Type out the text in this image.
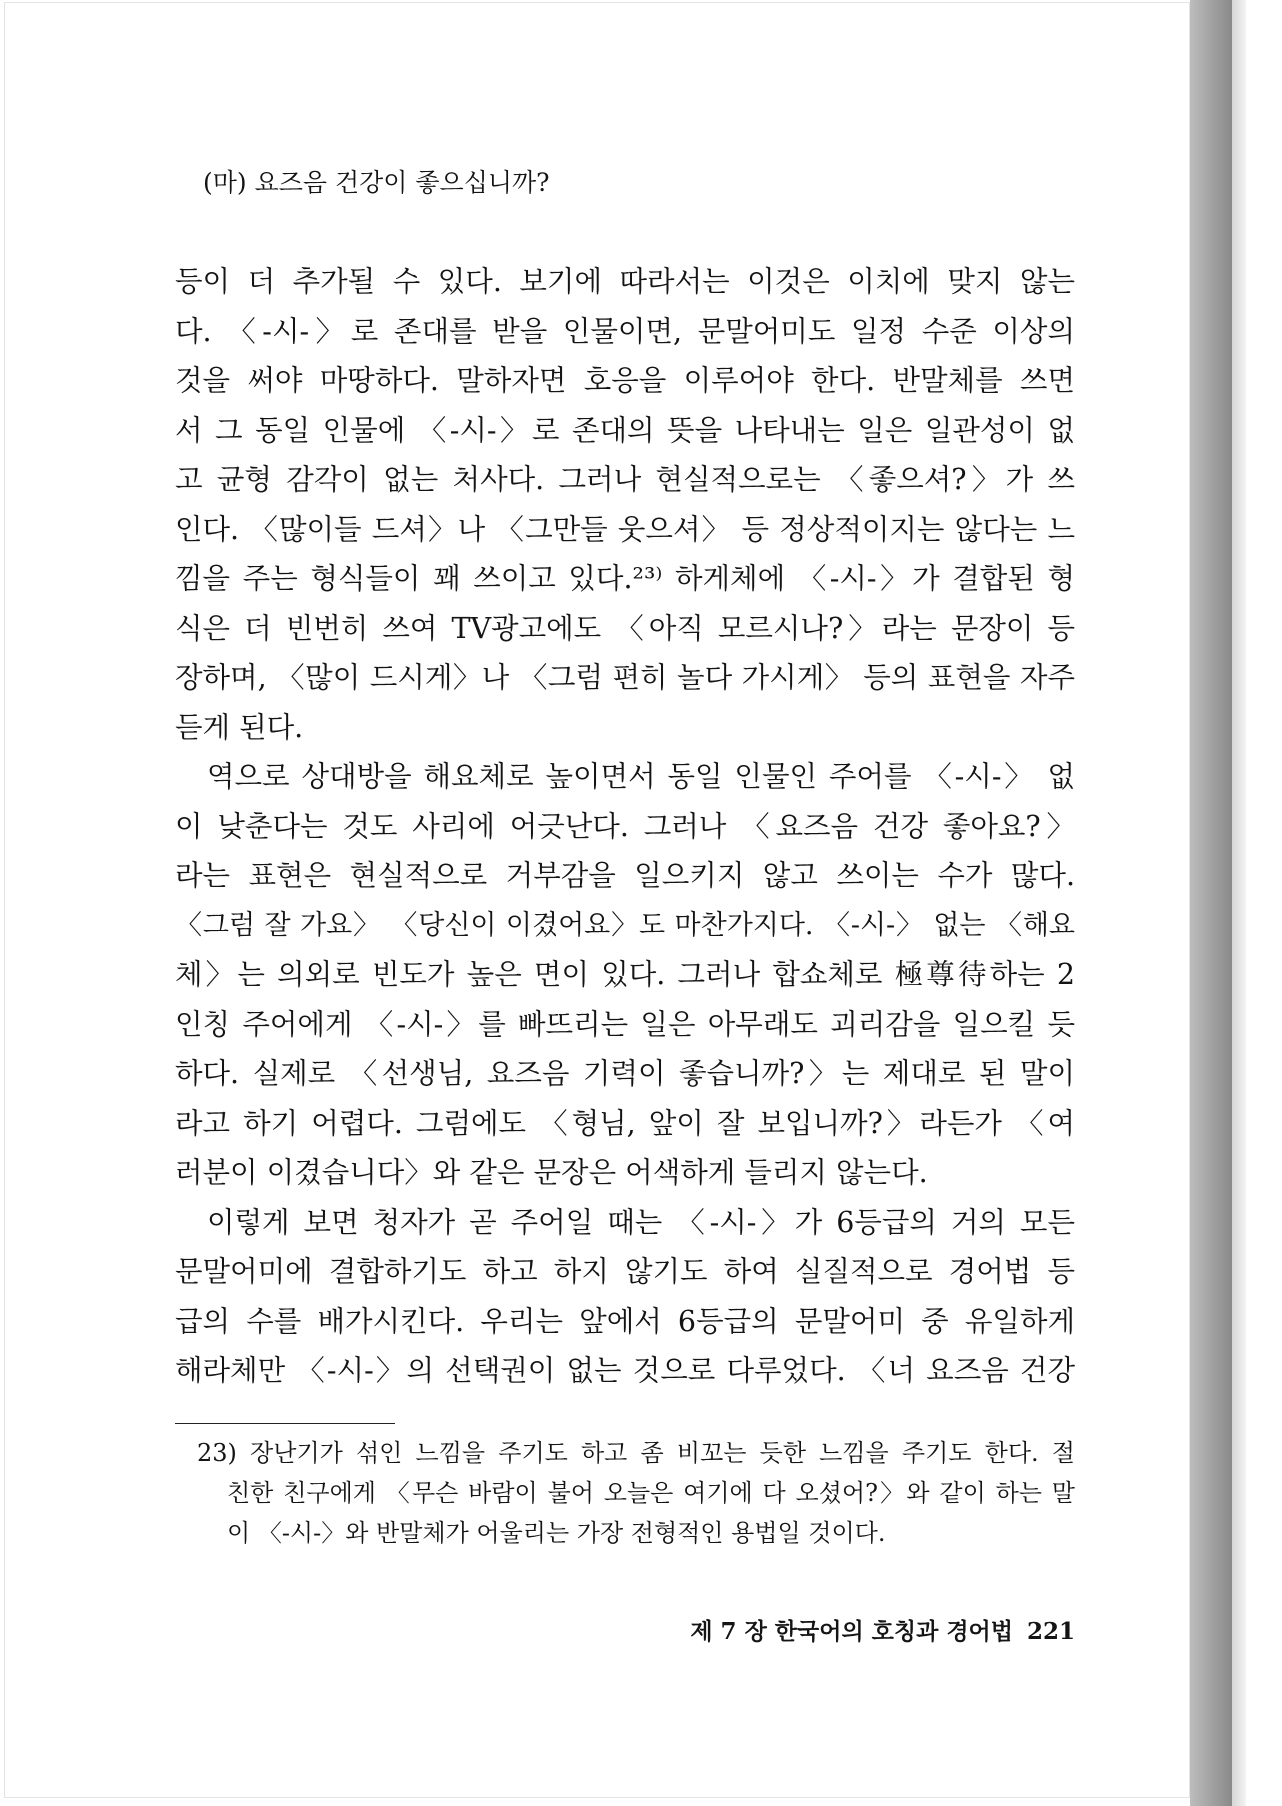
(마) 요즈음 건강이 좋으십니까?
등이 더 추가될 수 있다. 보기에 따라서는 이것은 이치에 맞지 않는
다. 〈-시-〉로 존대를 받을 인물이면, 문말어미도 일정 수준 이상의
것을 써야 마땅하다. 말하자면 호응을 이루어야 한다. 반말체를 쓰면
서 그 동일 인물에 〈-시-〉로 존대의 뜻을 나타내는 일은 일관성이 없
고 균형 감각이 없는 처사다. 그러나 현실적으로는 〈좋으셔?〉가 쓰
인다. 〈많이들 드셔〉나 〈그만들 웃으셔〉 등 정상적이지는 않다는 느
낌을 주는 형식들이 꽤 쓰이고 있다.²³⁾ 하게체에 〈-시-〉가 결합된 형
식은 더 빈번히 쓰여 TV광고에도 〈아직 모르시나?〉라는 문장이 등
장하며, 〈많이 드시게〉나 〈그럼 편히 놀다 가시게〉 등의 표현을 자주
듣게 된다.
역으로 상대방을 해요체로 높이면서 동일 인물인 주어를 〈-시-〉 없
이 낮춘다는 것도 사리에 어긋난다. 그러나 〈요즈음 건강 좋아요?〉
라는 표현은 현실적으로 거부감을 일으키지 않고 쓰이는 수가 많다.
〈그럼 잘 가요〉 〈당신이 이겼어요〉도 마찬가지다. 〈-시-〉 없는 〈해요
체〉는 의외로 빈도가 높은 면이 있다. 그러나 합쇼체로 極尊待하는 2
인칭 주어에게 〈-시-〉를 빠뜨리는 일은 아무래도 괴리감을 일으킬 듯
하다. 실제로 〈선생님, 요즈음 기력이 좋습니까?〉는 제대로 된 말이
라고 하기 어렵다. 그럼에도 〈형님, 앞이 잘 보입니까?〉라든가 〈여
러분이 이겼습니다〉와 같은 문장은 어색하게 들리지 않는다.
이렇게 보면 청자가 곧 주어일 때는 〈-시-〉가 6등급의 거의 모든
문말어미에 결합하기도 하고 하지 않기도 하여 실질적으로 경어법 등
급의 수를 배가시킨다. 우리는 앞에서 6등급의 문말어미 중 유일하게
해라체만 〈-시-〉의 선택권이 없는 것으로 다루었다. 〈너 요즈음 건강
23) 장난기가 섞인 느낌을 주기도 하고 좀 비꼬는 듯한 느낌을 주기도 한다. 절
친한 친구에게 〈무슨 바람이 불어 오늘은 여기에 다 오셨어?〉와 같이 하는 말
이 〈-시-〉와 반말체가 어울리는 가장 전형적인 용법일 것이다.
제 7 장 한국어의 호칭과 경어법 221
